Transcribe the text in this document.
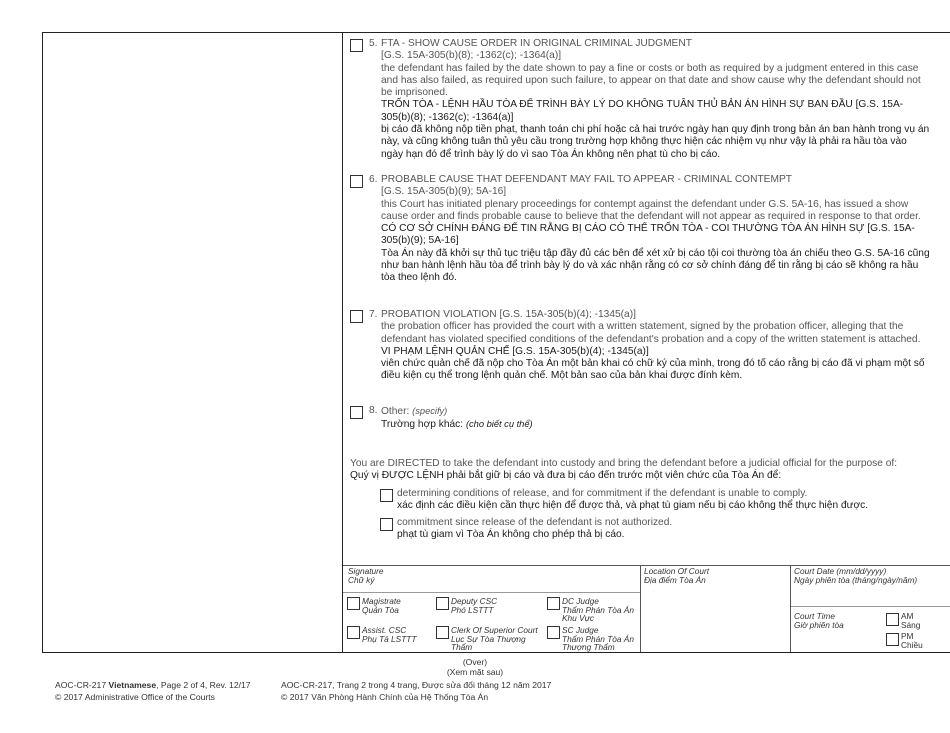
5. FTA - SHOW CAUSE ORDER IN ORIGINAL CRIMINAL JUDGMENT
[G.S. 15A-305(b)(8); -1362(c); -1364(a)]
the defendant has failed by the date shown to pay a fine or costs or both as required by a judgment entered in this case and has also failed, as required upon such failure, to appear on that date and show cause why the defendant should not be imprisoned.
TRỐN TÒA - LỆNH HẦU TÒA ĐỂ TRÌNH BÀY LÝ DO KHÔNG TUÂN THỦ BẢN ÁN HÌNH SỰ BAN ĐẦU [G.S. 15A-305(b)(8); -1362(c); -1364(a)]
bị cáo đã không nộp tiền phạt, thanh toán chi phí hoặc cả hai trước ngày hạn quy định trong bản án ban hành trong vụ án này, và cũng không tuân thủ yêu cầu trong trường hợp không thực hiện các nhiệm vụ như vậy là phải ra hầu tòa vào ngày hạn đó để trình bày lý do vì sao Tòa Án không nên phạt tù cho bị cáo.
6. PROBABLE CAUSE THAT DEFENDANT MAY FAIL TO APPEAR - CRIMINAL CONTEMPT
[G.S. 15A-305(b)(9); 5A-16]
this Court has initiated plenary proceedings for contempt against the defendant under G.S. 5A-16, has issued a show cause order and finds probable cause to believe that the defendant will not appear as required in response to that order.
CÓ CƠ SỞ CHÍNH ĐÁNG ĐỂ TIN RẰNG BỊ CÁO CÓ THỂ TRỐN TÒA - COI THƯỜNG TÒA ÁN HÌNH SỰ [G.S. 15A-305(b)(9); 5A-16]
Tòa Án này đã khởi sự thủ tục triệu tập đầy đủ các bên để xét xử bị cáo tội coi thường tòa án chiếu theo G.S. 5A-16 cũng như ban hành lệnh hầu tòa để trình bày lý do và xác nhận rằng có cơ sở chính đáng để tin rằng bị cáo sẽ không ra hầu tòa theo lệnh đó.
7. PROBATION VIOLATION [G.S. 15A-305(b)(4); -1345(a)]
the probation officer has provided the court with a written statement, signed by the probation officer, alleging that the defendant has violated specified conditions of the defendant's probation and a copy of the written statement is attached.
VI PHẠM LỆNH QUẢN CHẾ [G.S. 15A-305(b)(4); -1345(a)]
viên chức quản chế đã nộp cho Tòa Án một bản khai có chữ ký của mình, trong đó tố cáo rằng bị cáo đã vi phạm một số điều kiện cụ thể trong lệnh quản chế. Một bản sao của bản khai được đính kèm.
8. Other: (specify)
Trường hợp khác: (cho biết cụ thể)
You are DIRECTED to take the defendant into custody and bring the defendant before a judicial official for the purpose of:
Quý vị ĐƯỢC LỆNH phải bắt giữ bị cáo và đưa bị cáo đến trước một viên chức của Tòa Án để:
determining conditions of release, and for commitment if the defendant is unable to comply.
xác định các điều kiện cần thực hiện để được thả, và phạt tù giam nếu bị cáo không thể thực hiện được.
commitment since release of the defendant is not authorized.
phạt tù giam vì Tòa Án không cho phép thả bị cáo.
Signature
Chữ ký
Location Of Court
Địa điểm Tòa Án
Court Date (mm/dd/yyyy)
Ngày phiên tòa (tháng/ngày/năm)
Court Time
Giờ phiên tòa
AM
Sáng
PM
Chiều
Magistrate
Quản Tòa
Deputy CSC
Phó LSTTT
DC Judge
Thẩm Phán Tòa Án Khu Vực
Assist. CSC
Phụ Tá LSTTT
Clerk Of Superior Court
Lục Sự Tòa Thượng Thẩm
SC Judge
Thẩm Phán Tòa Án Thượng Thẩm
(Over)
(Xem mặt sau)
AOC-CR-217 Vietnamese, Page 2 of 4, Rev. 12/17
© 2017 Administrative Office of the Courts
AOC-CR-217, Trang 2 trong 4 trang, Được sửa đổi tháng 12 năm 2017
© 2017 Văn Phòng Hành Chính của Hệ Thống Tòa Án
